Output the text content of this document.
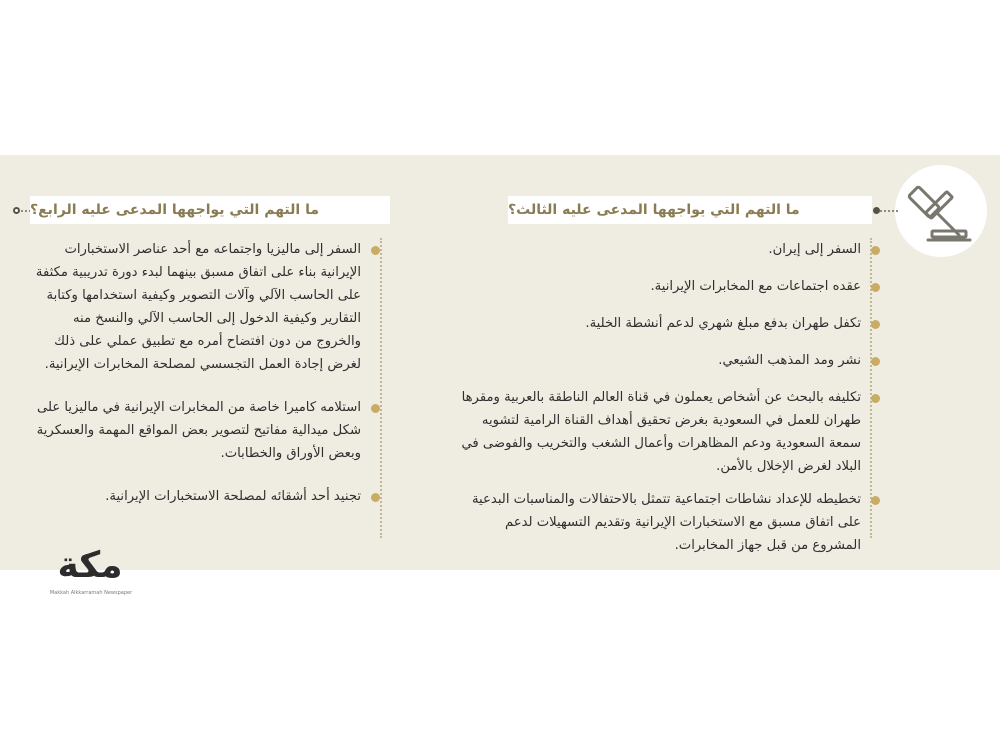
ما التهم التي يواجهها المدعى عليه الثالث؟
ما التهم التي يواجهها المدعى عليه الرابع؟
السفر إلى إيران.
عقده اجتماعات مع المخابرات الإيرانية.
تكفل طهران بدفع مبلغ شهري لدعم أنشطة الخلية.
نشر ومد المذهب الشيعي.
تكليفه بالبحث عن أشخاص يعملون في قناة العالم الناطقة بالعربية ومقرها طهران للعمل في السعودية بغرض تحقيق أهداف القناة الرامية لتشويه سمعة السعودية ودعم المظاهرات وأعمال الشغب والتخريب والفوضى في البلاد لغرض الإخلال بالأمن.
تخطيطه للإعداد نشاطات اجتماعية تتمثل بالاحتفالات والمناسبات البدعية على اتفاق مسبق مع الاستخبارات الإيرانية وتقديم التسهيلات لدعم المشروع من قبل جهاز المخابرات.
السفر إلى ماليزيا واجتماعه مع أحد عناصر الاستخبارات الإيرانية بناء على اتفاق مسبق بينهما لبدء دورة تدريبية مكثفة على الحاسب الآلي وآلات التصوير وكيفية استخدامها وكتابة التقارير وكيفية الدخول إلى الحاسب الآلي والنسخ منه والخروج من دون افتضاح أمره مع تطبيق عملي على ذلك لغرض إجادة العمل التجسسي لمصلحة المخابرات الإيرانية.
استلامه كاميرا خاصة من المخابرات الإيرانية في ماليزيا على شكل ميدالية مفاتيح لتصوير بعض المواقع المهمة والعسكرية وبعض الأوراق والخطابات.
تجنيد أحد أشقائه لمصلحة الاستخبارات الإيرانية.
مكة
Makkah Alkkarramah Newspaper
